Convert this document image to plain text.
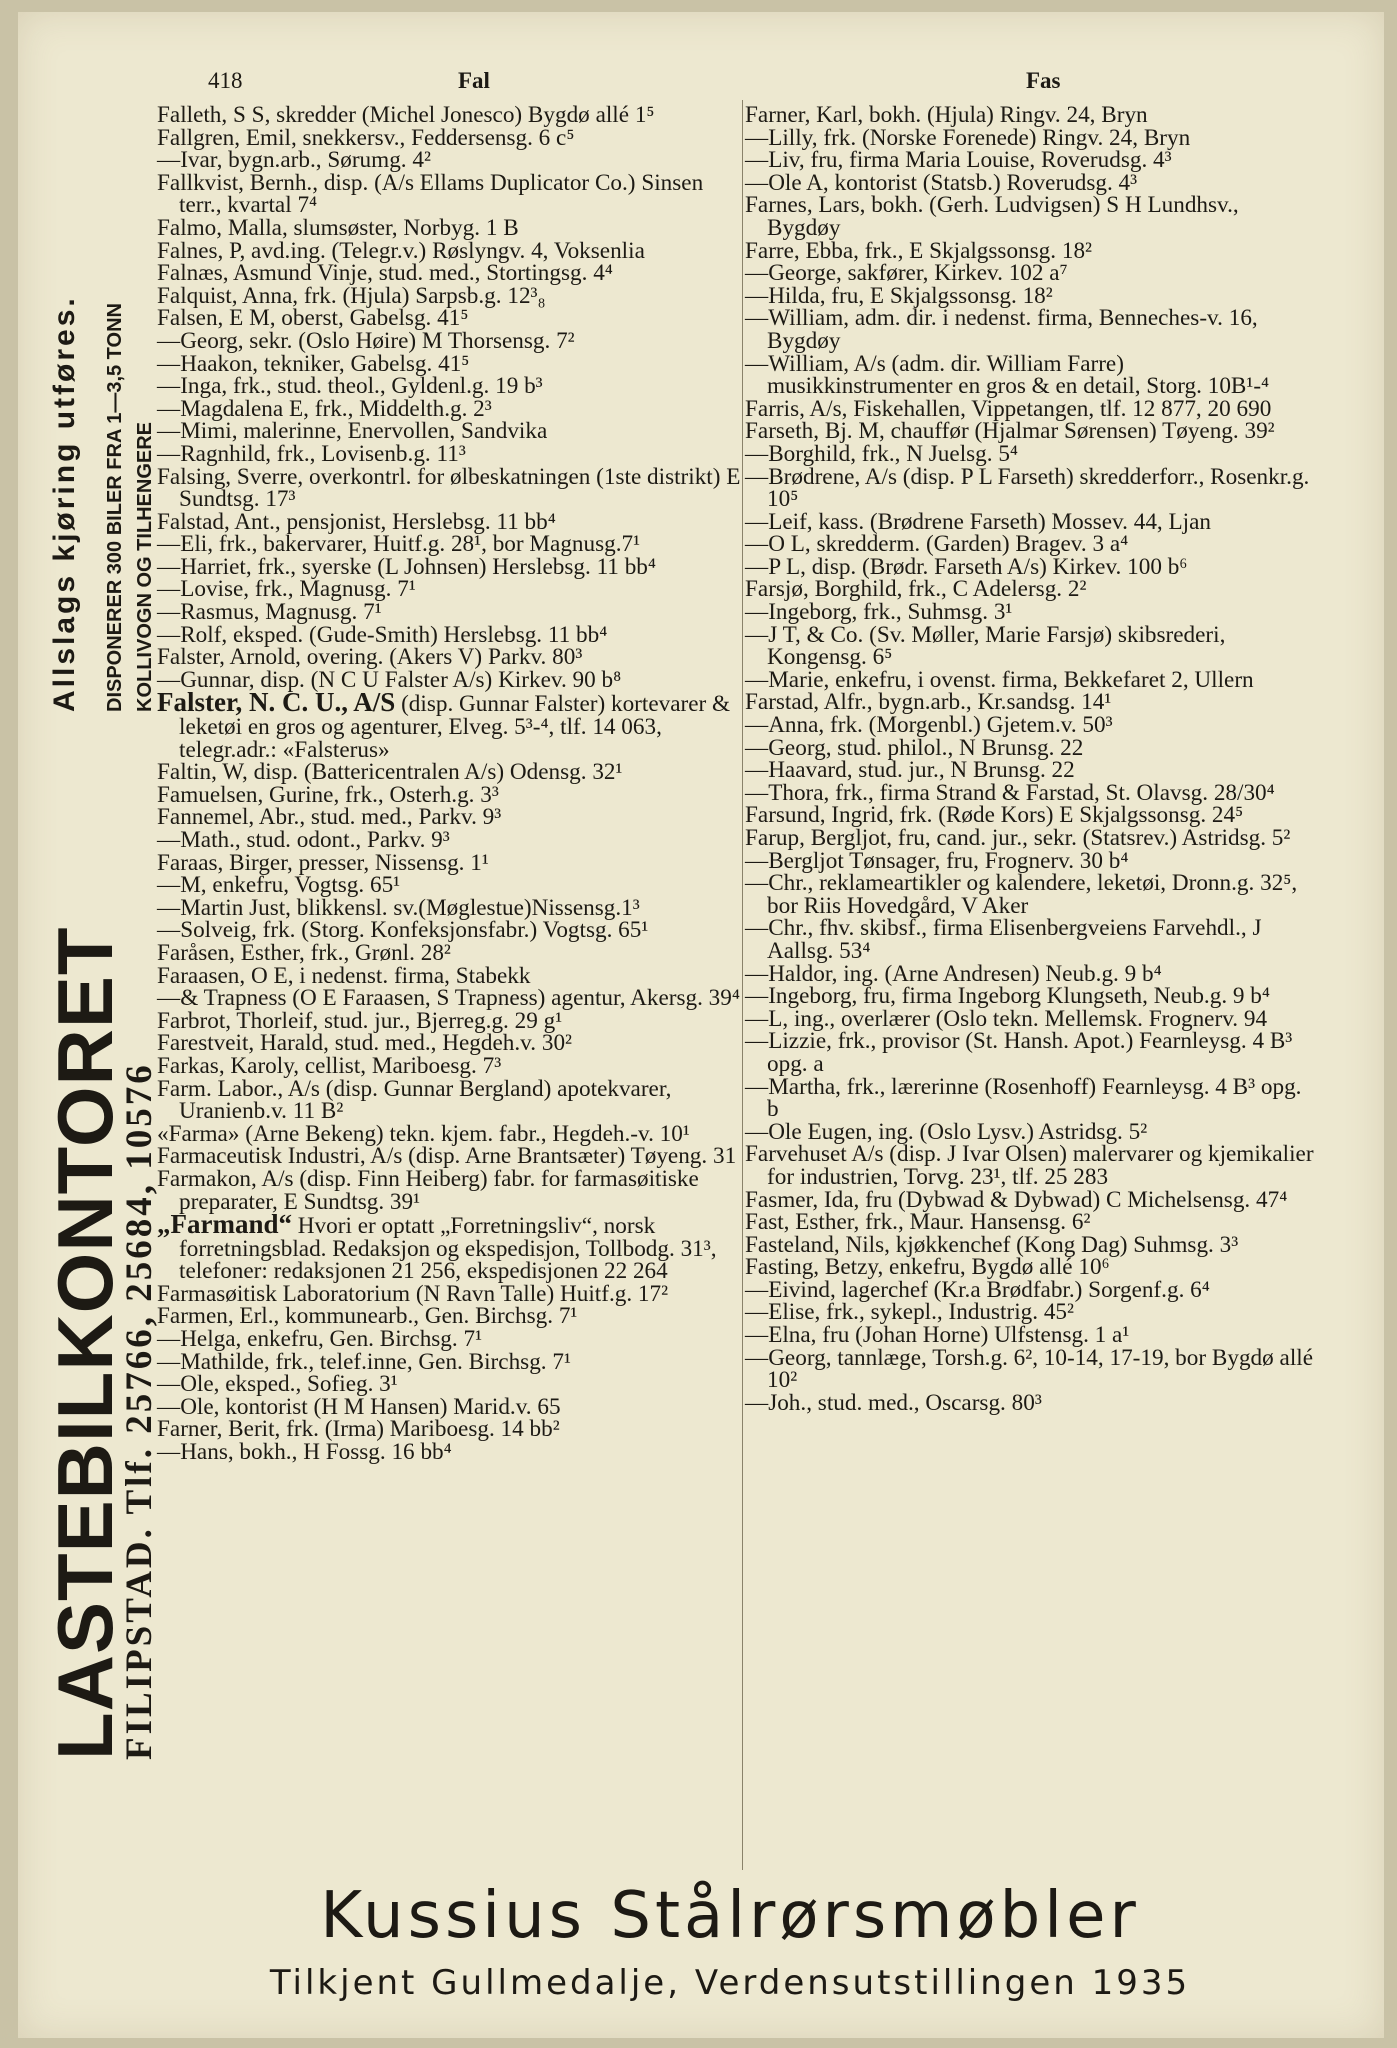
418	Fal	Fas
LASTEBILKONTORET
FILIPSTAD. Tlf. 25766, 25684, 10576
Allslags kjøring utføres. DISPONERER 300 BILER FRA 1—3,5 TONN KOLLIVOGN OG TILHENGERE

Falleth, S S, skredder (Michel Jonesco) Bygdø allé 1⁵

Fallgren, Emil, snekkersv., Feddersensg. 6 c⁵

—Ivar, bygn.arb., Sørumg. 4²

Fallkvist, Bernh., disp. (A/s Ellams Duplicator Co.) Sinsen terr., kvartal 7⁴

Falmo, Malla, slumsøster, Norbyg. 1 B

Falnes, P, avd.ing. (Telegr.v.) Røslyngv. 4, Voksenlia

Falnæs, Asmund Vinje, stud. med., Stortingsg. 4⁴

Falquist, Anna, frk. (Hjula) Sarpsb.g. 12³₈

Falsen, E M, oberst, Gabelsg. 41⁵

—Georg, sekr. (Oslo Høire) M Thorsensg. 7²

—Haakon, tekniker, Gabelsg. 41⁵

—Inga, frk., stud. theol., Gyldenl.g. 19 b³

—Magdalena E, frk., Middelth.g. 2³

—Mimi, malerinne, Enervollen, Sandvika

—Ragnhild, frk., Lovisenb.g. 11³

Falsing, Sverre, overkontrl. for ølbeskatningen (1ste distrikt) E Sundtsg. 17³

Falstad, Ant., pensjonist, Herslebsg. 11 bb⁴

—Eli, frk., bakervarer, Huitf.g. 28¹, bor Magnusg.7¹

—Harriet, frk., syerske (L Johnsen) Herslebsg. 11 bb⁴

—Lovise, frk., Magnusg. 7¹

—Rasmus, Magnusg. 7¹

—Rolf, eksped. (Gude-Smith) Herslebsg. 11 bb⁴

Falster, Arnold, overing. (Akers V) Parkv. 80³

—Gunnar, disp. (N C U Falster A/s) Kirkev. 90 b⁸

Falster, N. C. U., A/S (disp. Gunnar Falster) kortevarer & leketøi en gros og agenturer, Elveg. 5³-⁴, tlf. 14 063, telegr.adr.: «Falsterus»

Faltin, W, disp. (Battericentralen A/s) Odensg. 32¹

Famuelsen, Gurine, frk., Osterh.g. 3³

Fannemel, Abr., stud. med., Parkv. 9³

—Math., stud. odont., Parkv. 9³

Faraas, Birger, presser, Nissensg. 1¹

—M, enkefru, Vogtsg. 65¹

—Martin Just, blikkensl. sv.(Møglestue)Nissensg.1³

—Solveig, frk. (Storg. Konfeksjonsfabr.) Vogtsg. 65¹

Faråsen, Esther, frk., Grønl. 28²

Faraasen, O E, i nedenst. firma, Stabekk

—& Trapness (O E Faraasen, S Trapness) agentur, Akersg. 39⁴

Farbrot, Thorleif, stud. jur., Bjerreg.g. 29 g¹

Farestveit, Harald, stud. med., Hegdeh.v. 30²

Farkas, Karoly, cellist, Mariboesg. 7³

Farm. Labor., A/s (disp. Gunnar Bergland) apotekvarer, Uranienb.v. 11 B²

«Farma» (Arne Bekeng) tekn. kjem. fabr., Hegdeh.-v. 10¹

Farmaceutisk Industri, A/s (disp. Arne Brantsæter) Tøyeng. 31

Farmakon, A/s (disp. Finn Heiberg) fabr. for farmasøitiske preparater, E Sundtsg. 39¹

„Farmand“ Hvori er optatt „Forretningsliv“, norsk forretningsblad. Redaksjon og ekspedisjon, Tollbodg. 31³, telefoner: redaksjonen 21 256, ekspedisjonen 22 264

Farmasøitisk Laboratorium (N Ravn Talle) Huitf.g. 17²

Farmen, Erl., kommunearb., Gen. Birchsg. 7¹

—Helga, enkefru, Gen. Birchsg. 7¹

—Mathilde, frk., telef.inne, Gen. Birchsg. 7¹

—Ole, eksped., Sofieg. 3¹

—Ole, kontorist (H M Hansen) Marid.v. 65

Farner, Berit, frk. (Irma) Mariboesg. 14 bb²

—Hans, bokh., H Fossg. 16 bb⁴

Farner, Karl, bokh. (Hjula) Ringv. 24, Bryn

—Lilly, frk. (Norske Forenede) Ringv. 24, Bryn

—Liv, fru, firma Maria Louise, Roverudsg. 4³

—Ole A, kontorist (Statsb.) Roverudsg. 4³

Farnes, Lars, bokh. (Gerh. Ludvigsen) S H Lundhsv., Bygdøy

Farre, Ebba, frk., E Skjalgssonsg. 18²

—George, sakfører, Kirkev. 102 a⁷

—Hilda, fru, E Skjalgssonsg. 18²

—William, adm. dir. i nedenst. firma, Benneches-v. 16, Bygdøy

—William, A/s (adm. dir. William Farre) musikkinstrumenter en gros & en detail, Storg. 10B¹-⁴

Farris, A/s, Fiskehallen, Vippetangen, tlf. 12 877, 20 690

Farseth, Bj. M, chauffør (Hjalmar Sørensen) Tøyeng. 39²

—Borghild, frk., N Juelsg. 5⁴

—Brødrene, A/s (disp. P L Farseth) skredderforr., Rosenkr.g. 10⁵

—Leif, kass. (Brødrene Farseth) Mossev. 44, Ljan

—O L, skredderm. (Garden) Bragev. 3 a⁴

—P L, disp. (Brødr. Farseth A/s) Kirkev. 100 b⁶

Farsjø, Borghild, frk., C Adelersg. 2²

—Ingeborg, frk., Suhmsg. 3¹

—J T, & Co. (Sv. Møller, Marie Farsjø) skibsrederi, Kongensg. 6⁵

—Marie, enkefru, i ovenst. firma, Bekkefaret 2, Ullern

Farstad, Alfr., bygn.arb., Kr.sandsg. 14¹

—Anna, frk. (Morgenbl.) Gjetem.v. 50³

—Georg, stud. philol., N Brunsg. 22

—Haavard, stud. jur., N Brunsg. 22

—Thora, frk., firma Strand & Farstad, St. Olavsg. 28/30⁴

Farsund, Ingrid, frk. (Røde Kors) E Skjalgssonsg. 24⁵

Farup, Bergljot, fru, cand. jur., sekr. (Statsrev.) Astridsg. 5²

—Bergljot Tønsager, fru, Frognerv. 30 b⁴

—Chr., reklameartikler og kalendere, leketøi, Dronn.g. 32⁵, bor Riis Hovedgård, V Aker

—Chr., fhv. skibsf., firma Elisenbergveiens Farvehdl., J Aallsg. 53⁴

—Haldor, ing. (Arne Andresen) Neub.g. 9 b⁴

—Ingeborg, fru, firma Ingeborg Klungseth, Neub.g. 9 b⁴

—L, ing., overlærer (Oslo tekn. Mellemsk. Frognerv. 94

—Lizzie, frk., provisor (St. Hansh. Apot.) Fearnleysg. 4 B³ opg. a

—Martha, frk., lærerinne (Rosenhoff) Fearnleysg. 4 B³ opg. b

—Ole Eugen, ing. (Oslo Lysv.) Astridsg. 5²

Farvehuset A/s (disp. J Ivar Olsen) malervarer og kjemikalier for industrien, Torvg. 23¹, tlf. 25 283

Fasmer, Ida, fru (Dybwad & Dybwad) C Michelsensg. 47⁴

Fast, Esther, frk., Maur. Hansensg. 6²

Fasteland, Nils, kjøkkenchef (Kong Dag) Suhmsg. 3³

Fasting, Betzy, enkefru, Bygdø allé 10⁶

—Eivind, lagerchef (Kr.a Brødfabr.) Sorgenf.g. 6⁴

—Elise, frk., sykepl., Industrig. 45²

—Elna, fru (Johan Horne) Ulfstensg. 1 a¹

—Georg, tannlæge, Torsh.g. 6², 10-14, 17-19, bor Bygdø allé 10²

—Joh., stud. med., Oscarsg. 80³

Kussius Stålrørsmøbler
Tilkjent Gullmedalje, Verdensutstillingen 1935
